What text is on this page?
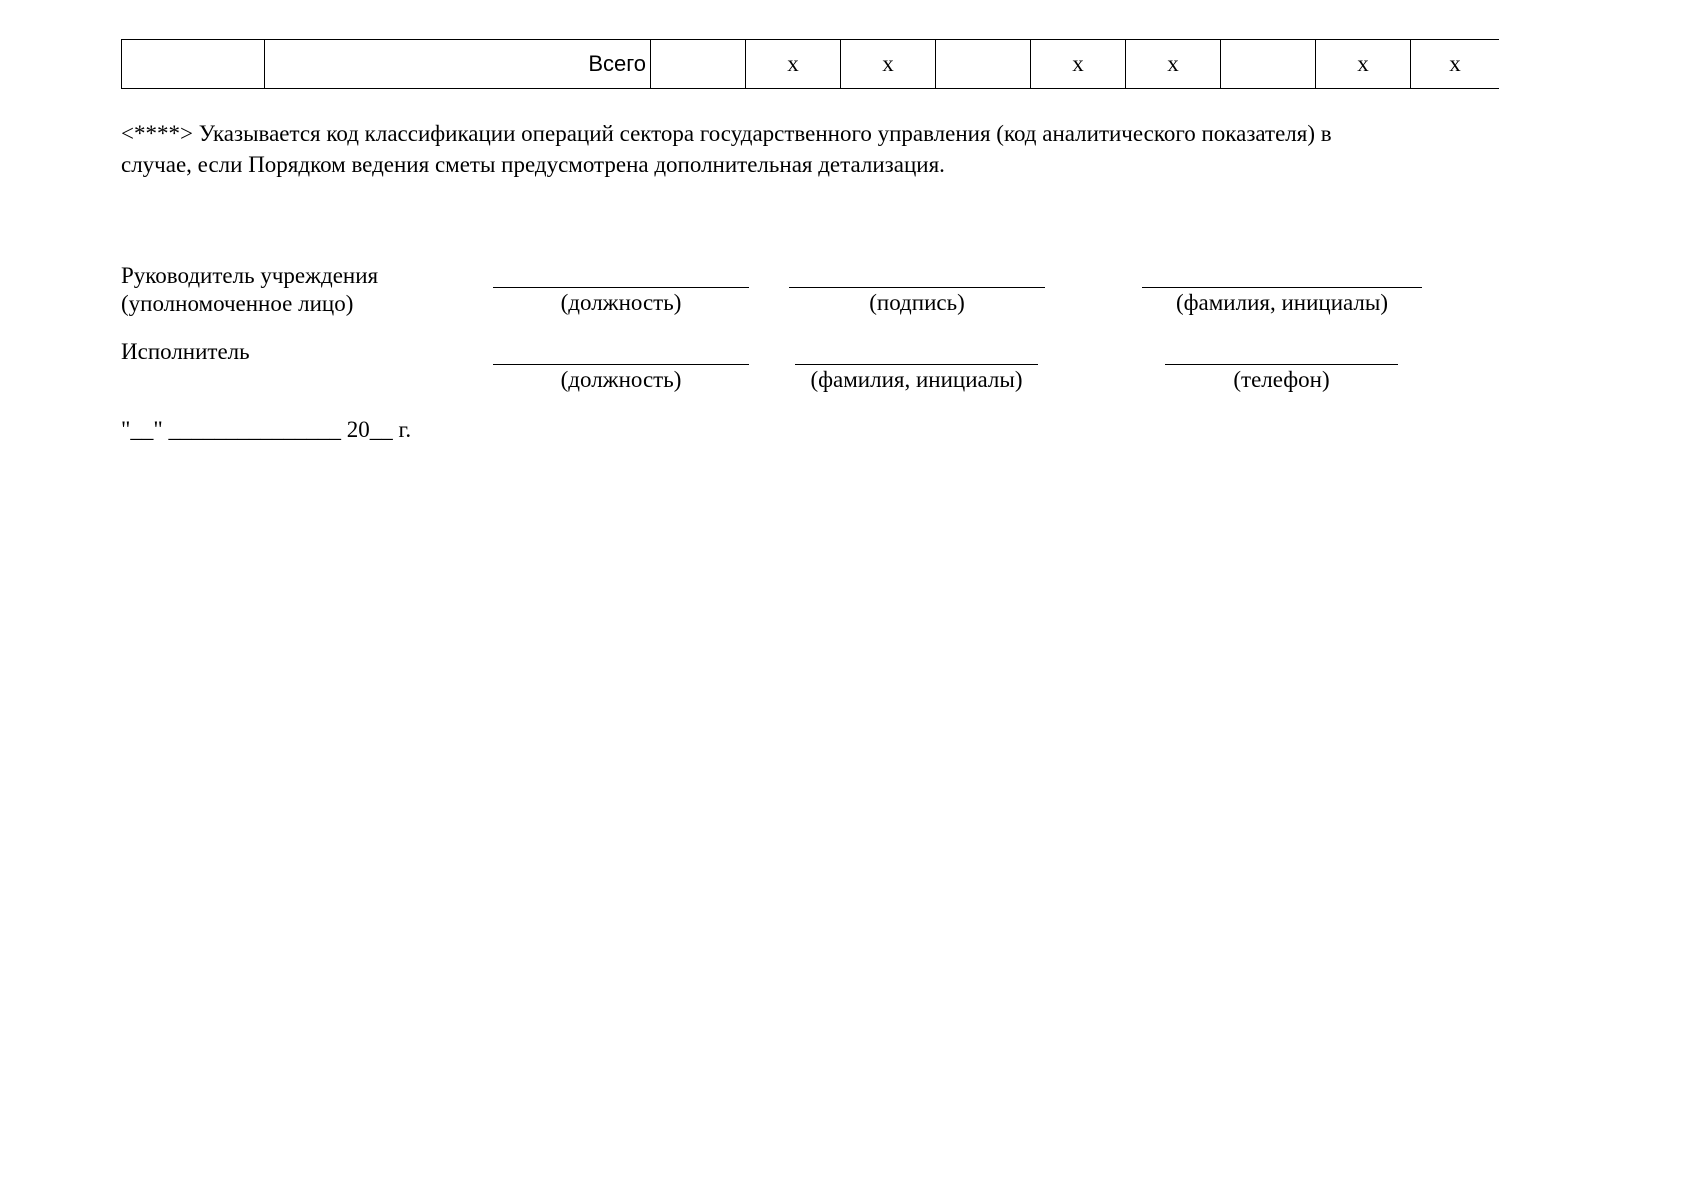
	Всего		x	x		x	x		x	x
<****> Указывается код классификации операций сектора государственного управления (код аналитического показателя) в
случае, если Порядком ведения сметы предусмотрена дополнительная детализация.
Руководитель учреждения
(уполномоченное лицо)	(должность)	(подпись)	(фамилия, инициалы)
Исполнитель
(должность)	(фамилия, инициалы)	(телефон)
"__" _______________ 20__ г.
